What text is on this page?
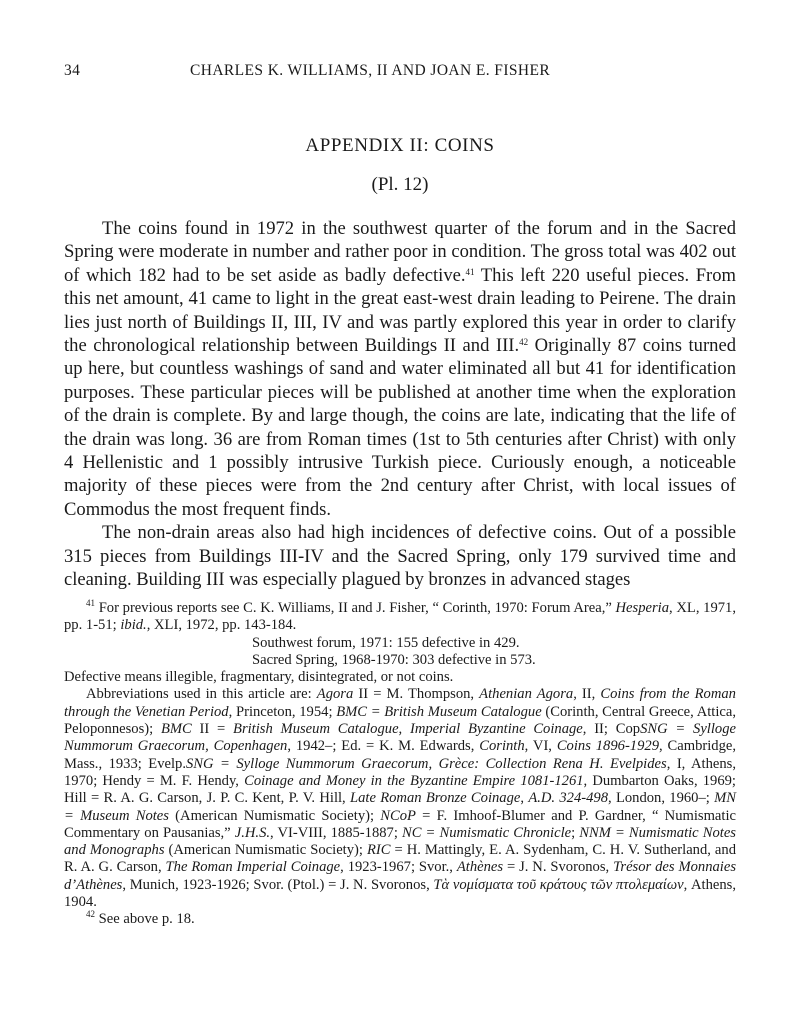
34	CHARLES K. WILLIAMS, II AND JOAN E. FISHER
APPENDIX II: COINS
(Pl. 12)

The coins found in 1972 in the southwest quarter of the forum and in the Sacred Spring were moderate in number and rather poor in condition. The gross total was 402 out of which 182 had to be set aside as badly defective.$^{41}$ This left 220 useful pieces. From this net amount, 41 came to light in the great east-west drain leading to Peirene. The drain lies just north of Buildings II, III, IV and was partly explored this year in order to clarify the chronological relationship between Buildings II and III.$^{42}$ Originally 87 coins turned up here, but countless washings of sand and water eliminated all but 41 for identification purposes. These particular pieces will be published at another time when the exploration of the drain is complete. By and large though, the coins are late, indicating that the life of the drain was long. 36 are from Roman times (1st to 5th centuries after Christ) with only 4 Hellenistic and 1 possibly intrusive Turkish piece. Curiously enough, a noticeable majority of these pieces were from the 2nd century after Christ, with local issues of Commodus the most frequent finds.

The non-drain areas also had high incidences of defective coins. Out of a possible 315 pieces from Buildings III-IV and the Sacred Spring, only 179 survived time and cleaning. Building III was especially plagued by bronzes in advanced stages

$^{41}$ For previous reports see C. K. Williams, II and J. Fisher, “ Corinth, 1970: Forum Area,” Hesperia, XL, 1971, pp. 1-51; ibid., XLI, 1972, pp. 143-184.

Southwest forum, 1971: 155 defective in 429.

Sacred Spring, 1968-1970: 303 defective in 573.

Defective means illegible, fragmentary, disintegrated, or not coins.

Abbreviations used in this article are: Agora II = M. Thompson, Athenian Agora, II, Coins from the Roman through the Venetian Period, Princeton, 1954; BMC = British Museum Catalogue (Corinth, Central Greece, Attica, Peloponnesos); BMC II = British Museum Catalogue, Imperial Byzantine Coinage, II; CopSNG = Sylloge Nummorum Graecorum, Copenhagen, 1942–; Ed. = K. M. Edwards, Corinth, VI, Coins 1896-1929, Cambridge, Mass., 1933; Evelp.SNG = Sylloge Nummorum Graecorum, Grèce: Collection Rena H. Evelpides, I, Athens, 1970; Hendy = M. F. Hendy, Coinage and Money in the Byzantine Empire 1081-1261, Dumbarton Oaks, 1969; Hill = R. A. G. Carson, J. P. C. Kent, P. V. Hill, Late Roman Bronze Coinage, A.D. 324-498, London, 1960–; MN = Museum Notes (American Numismatic Society); NCoP = F. Imhoof-Blumer and P. Gardner, “ Numismatic Commentary on Pausanias,” J.H.S., VI-VIII, 1885-1887; NC = Numismatic Chronicle; NNM = Numismatic Notes and Monographs (American Numismatic Society); RIC = H. Mattingly, E. A. Sydenham, C. H. V. Sutherland, and R. A. G. Carson, The Roman Imperial Coinage, 1923-1967; Svor., Athènes = J. N. Svoronos, Trésor des Monnaies d’Athènes, Munich, 1923-1926; Svor. (Ptol.) = J. N. Svoronos, Τὰ νομίσματα τοῦ κράτους τῶν πτολεμαίων, Athens, 1904.

$^{42}$ See above p. 18.
